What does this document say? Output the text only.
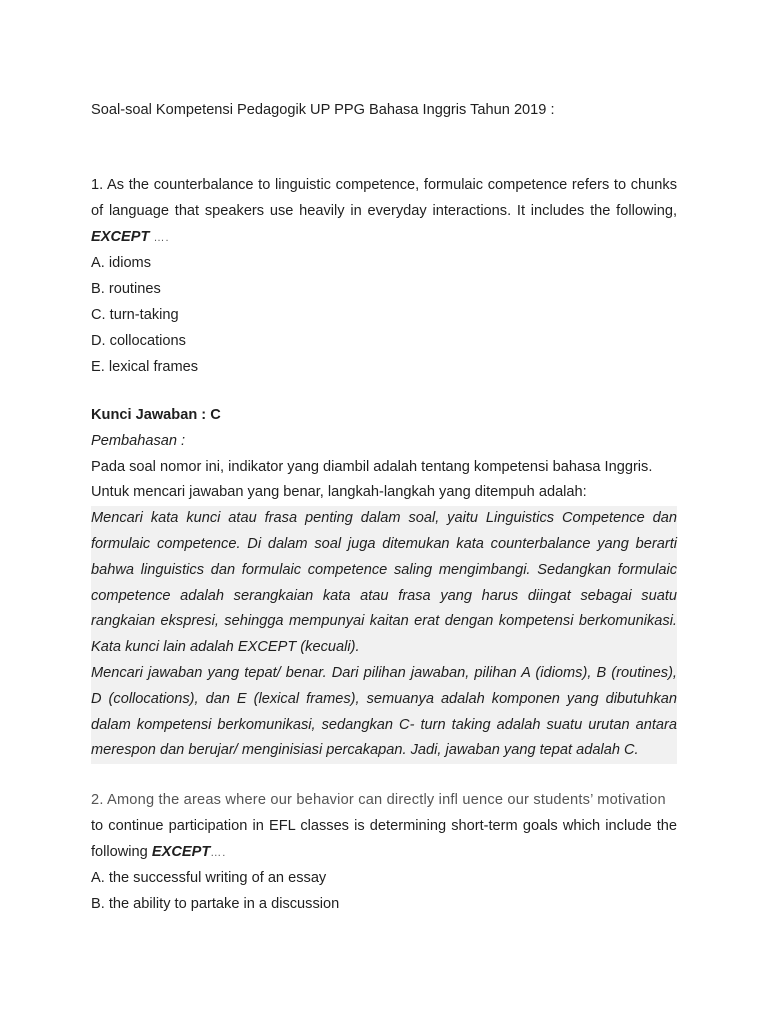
Soal-soal Kompetensi Pedagogik UP PPG Bahasa Inggris Tahun 2019 :

1. As the counterbalance to linguistic competence, formulaic competence refers to chunks of language that speakers use heavily in everyday interactions. It includes the following, EXCEPT ….

A. idioms

B. routines

C. turn-taking

D. collocations

E. lexical frames

Kunci Jawaban : C

Pembahasan :

Pada soal nomor ini, indikator yang diambil adalah tentang kompetensi bahasa Inggris. Untuk mencari jawaban yang benar, langkah-langkah yang ditempuh adalah:

Mencari kata kunci atau frasa penting dalam soal, yaitu Linguistics Competence dan formulaic competence. Di dalam soal juga ditemukan kata counterbalance yang berarti bahwa linguistics dan formulaic competence saling mengimbangi. Sedangkan formulaic competence adalah serangkaian kata atau frasa yang harus diingat sebagai suatu rangkaian ekspresi, sehingga mempunyai kaitan erat dengan kompetensi berkomunikasi. Kata kunci lain adalah EXCEPT (kecuali).

Mencari jawaban yang tepat/ benar. Dari pilihan jawaban, pilihan A (idioms), B (routines), D (collocations), dan E (lexical frames), semuanya adalah komponen yang dibutuhkan dalam kompetensi berkomunikasi, sedangkan C- turn taking adalah suatu urutan antara merespon dan berujar/ menginisiasi percakapan. Jadi, jawaban yang tepat adalah C.

2. Among the areas where our behavior can directly infl uence our students’ motivation

to continue participation in EFL classes is determining short-term goals which include the following EXCEPT….

A. the successful writing of an essay

B. the ability to partake in a discussion
